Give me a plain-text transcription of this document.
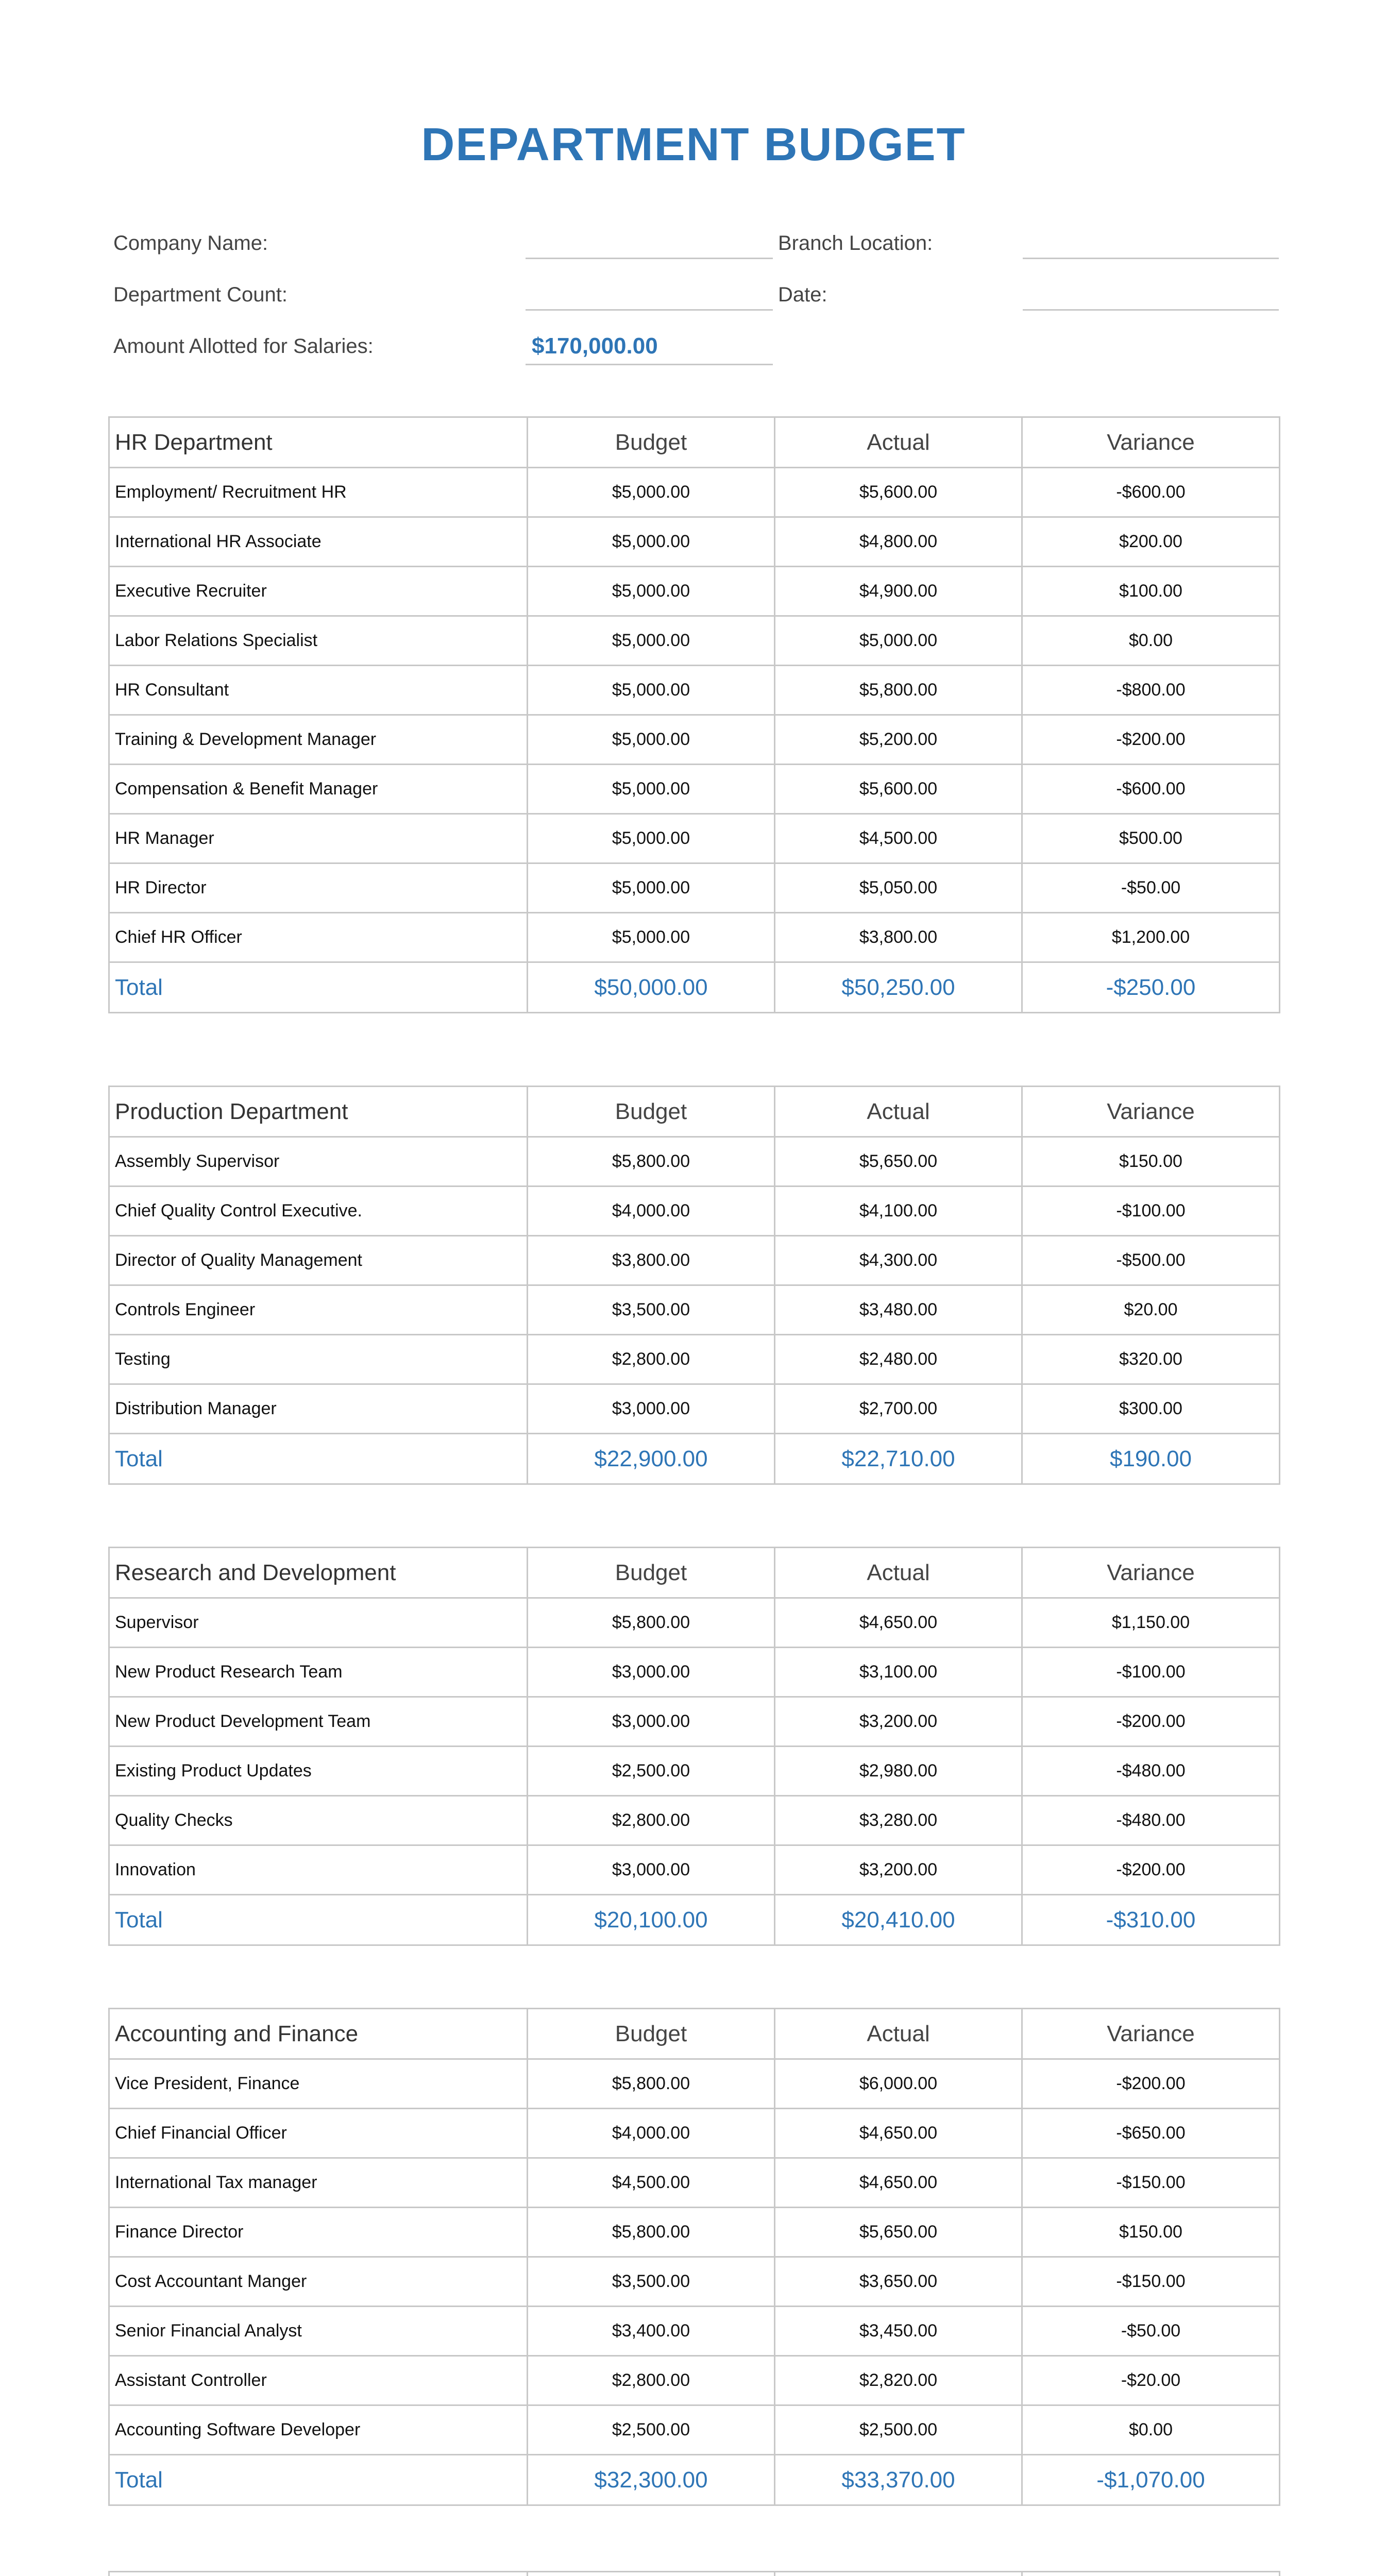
DEPARTMENT BUDGET
Company Name:	Branch Location:
Department Count:	Date:
Amount Allotted for Salaries:	$170,000.00
HR Department	Budget	Actual	Variance
Employment/ Recruitment HR	$5,000.00	$5,600.00	-$600.00
International HR Associate	$5,000.00	$4,800.00	$200.00
Executive Recruiter	$5,000.00	$4,900.00	$100.00
Labor Relations Specialist	$5,000.00	$5,000.00	$0.00
HR Consultant	$5,000.00	$5,800.00	-$800.00
Training & Development Manager	$5,000.00	$5,200.00	-$200.00
Compensation & Benefit Manager	$5,000.00	$5,600.00	-$600.00
HR Manager	$5,000.00	$4,500.00	$500.00
HR Director	$5,000.00	$5,050.00	-$50.00
Chief HR Officer	$5,000.00	$3,800.00	$1,200.00
Total	$50,000.00	$50,250.00	-$250.00
Production Department	Budget	Actual	Variance
Assembly Supervisor	$5,800.00	$5,650.00	$150.00
Chief Quality Control Executive.	$4,000.00	$4,100.00	-$100.00
Director of Quality Management	$3,800.00	$4,300.00	-$500.00
Controls Engineer	$3,500.00	$3,480.00	$20.00
Testing	$2,800.00	$2,480.00	$320.00
Distribution Manager	$3,000.00	$2,700.00	$300.00
Total	$22,900.00	$22,710.00	$190.00
Research and Development	Budget	Actual	Variance
Supervisor	$5,800.00	$4,650.00	$1,150.00
New Product Research Team	$3,000.00	$3,100.00	-$100.00
New Product Development Team	$3,000.00	$3,200.00	-$200.00
Existing Product Updates	$2,500.00	$2,980.00	-$480.00
Quality Checks	$2,800.00	$3,280.00	-$480.00
Innovation	$3,000.00	$3,200.00	-$200.00
Total	$20,100.00	$20,410.00	-$310.00
Accounting and Finance	Budget	Actual	Variance
Vice President, Finance	$5,800.00	$6,000.00	-$200.00
Chief Financial Officer	$4,000.00	$4,650.00	-$650.00
International Tax manager	$4,500.00	$4,650.00	-$150.00
Finance Director	$5,800.00	$5,650.00	$150.00
Cost Accountant Manger	$3,500.00	$3,650.00	-$150.00
Senior Financial Analyst	$3,400.00	$3,450.00	-$50.00
Assistant Controller	$2,800.00	$2,820.00	-$20.00
Accounting Software Developer	$2,500.00	$2,500.00	$0.00
Total	$32,300.00	$33,370.00	-$1,070.00
